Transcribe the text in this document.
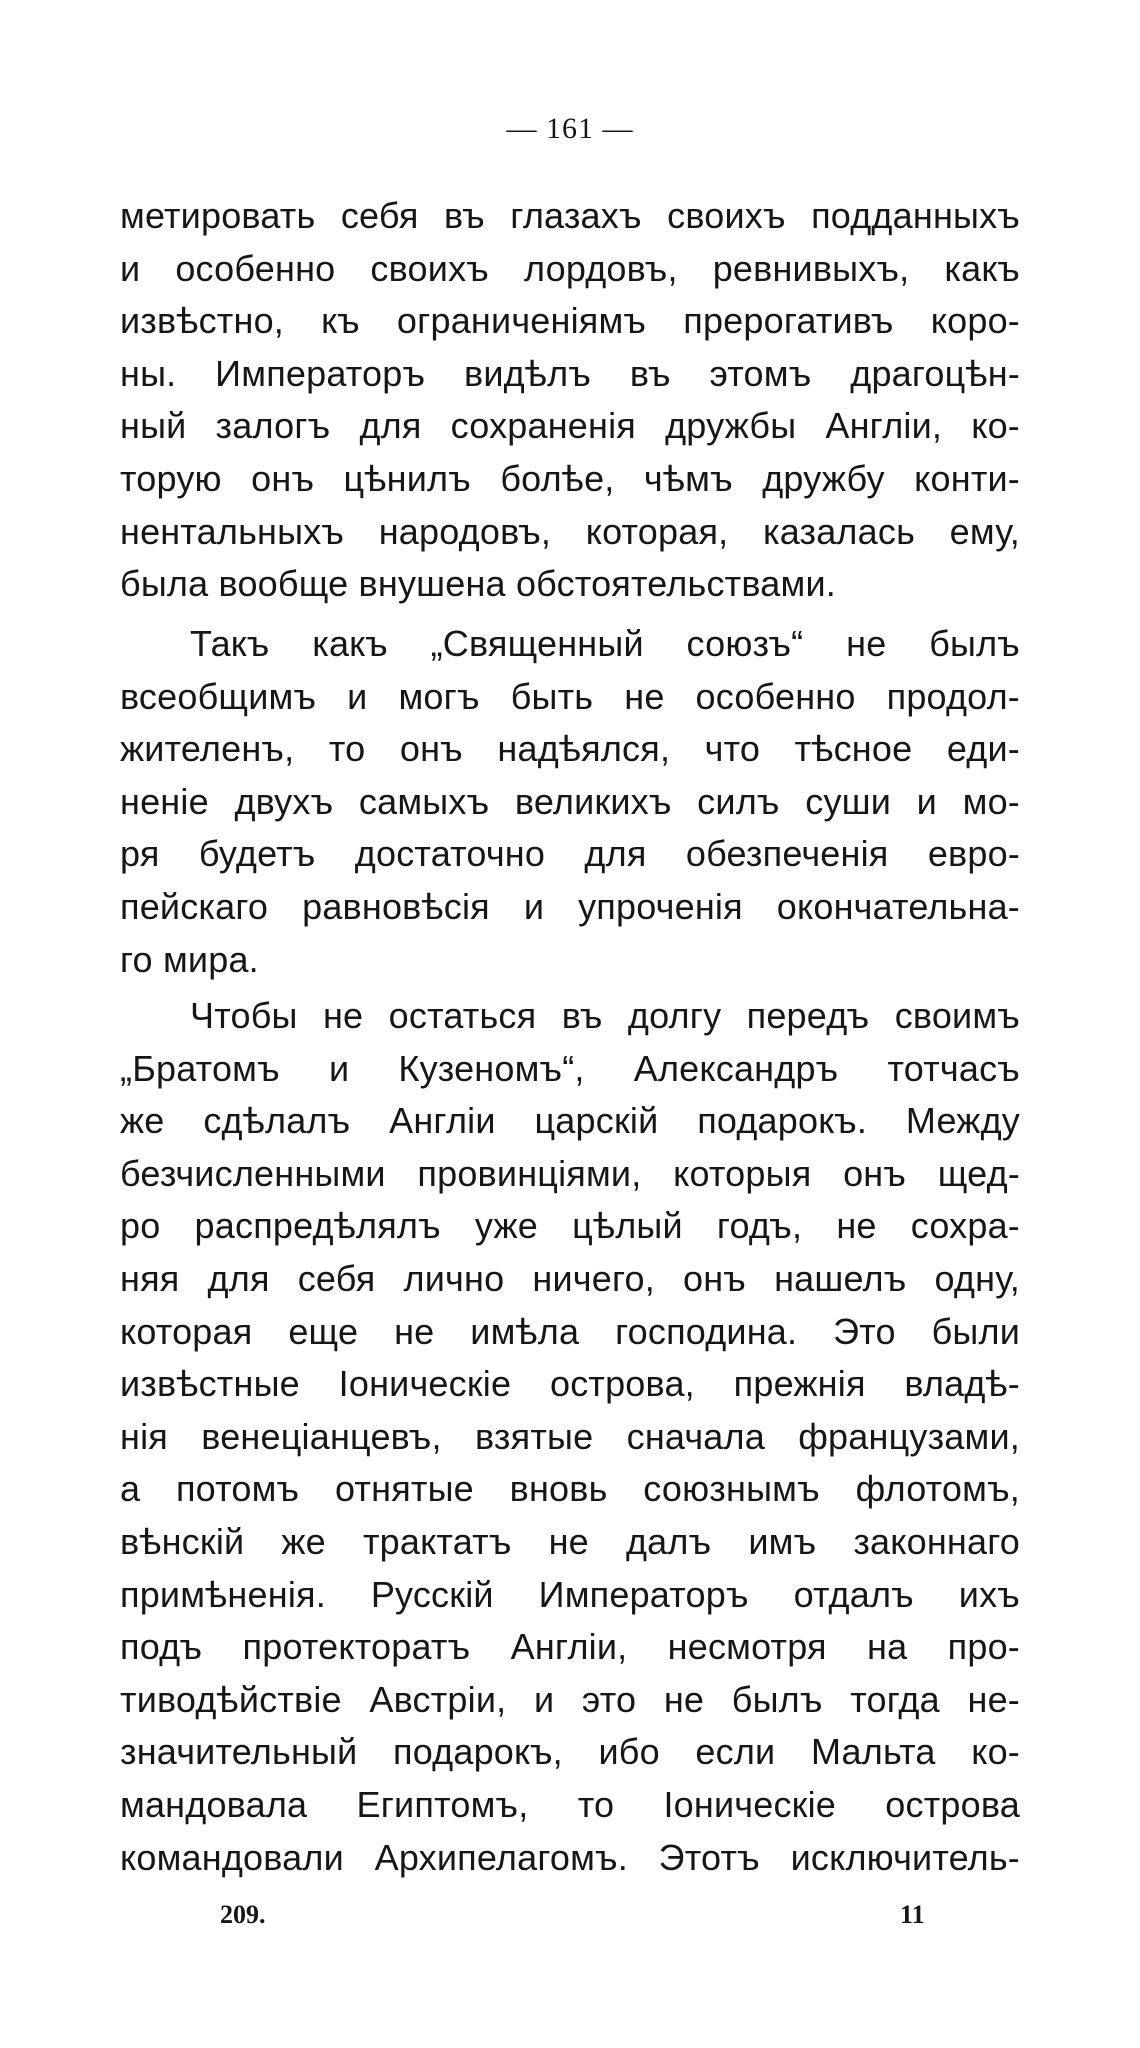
— 161 —
метировать себя въ глазахъ своихъ подданныхъ
и особенно своихъ лордовъ, ревнивыхъ, какъ
извѣстно, къ ограниченіямъ прерогативъ коро-
ны. Императоръ видѣлъ въ этомъ драгоцѣн-
ный залогъ для сохраненія дружбы Англіи, ко-
торую онъ цѣнилъ болѣе, чѣмъ дружбу конти-
нентальныхъ народовъ, которая, казалась ему,
была вообще внушена обстоятельствами.
Такъ какъ „Священный союзъ“ не былъ
всеобщимъ и могъ быть не особенно продол-
жителенъ, то онъ надѣялся, что тѣсное еди-
неніе двухъ самыхъ великихъ силъ суши и мо-
ря будетъ достаточно для обезпеченія евро-
пейскаго равновѣсія и упроченія окончательна-
го мира.
Чтобы не остаться въ долгу передъ своимъ
„Братомъ и Кузеномъ“, Александръ тотчасъ
же сдѣлалъ Англіи царскій подарокъ. Между
безчисленными провинціями, которыя онъ щед-
ро распредѣлялъ уже цѣлый годъ, не сохра-
няя для себя лично ничего, онъ нашелъ одну,
которая еще не имѣла господина. Это были
извѣстные Іоническіе острова, прежнія владѣ-
нія венеціанцевъ, взятые сначала французами,
а потомъ отнятые вновь союзнымъ флотомъ,
вѣнскій же трактатъ не далъ имъ законнаго
примѣненія. Русскій Императоръ отдалъ ихъ
подъ протекторатъ Англіи, несмотря на про-
тиводѣйствіе Австріи, и это не былъ тогда не-
значительный подарокъ, ибо если Мальта ко-
мандовала Египтомъ, то Іоническіе острова
командовали Архипелагомъ. Этотъ исключитель-
209.	11
